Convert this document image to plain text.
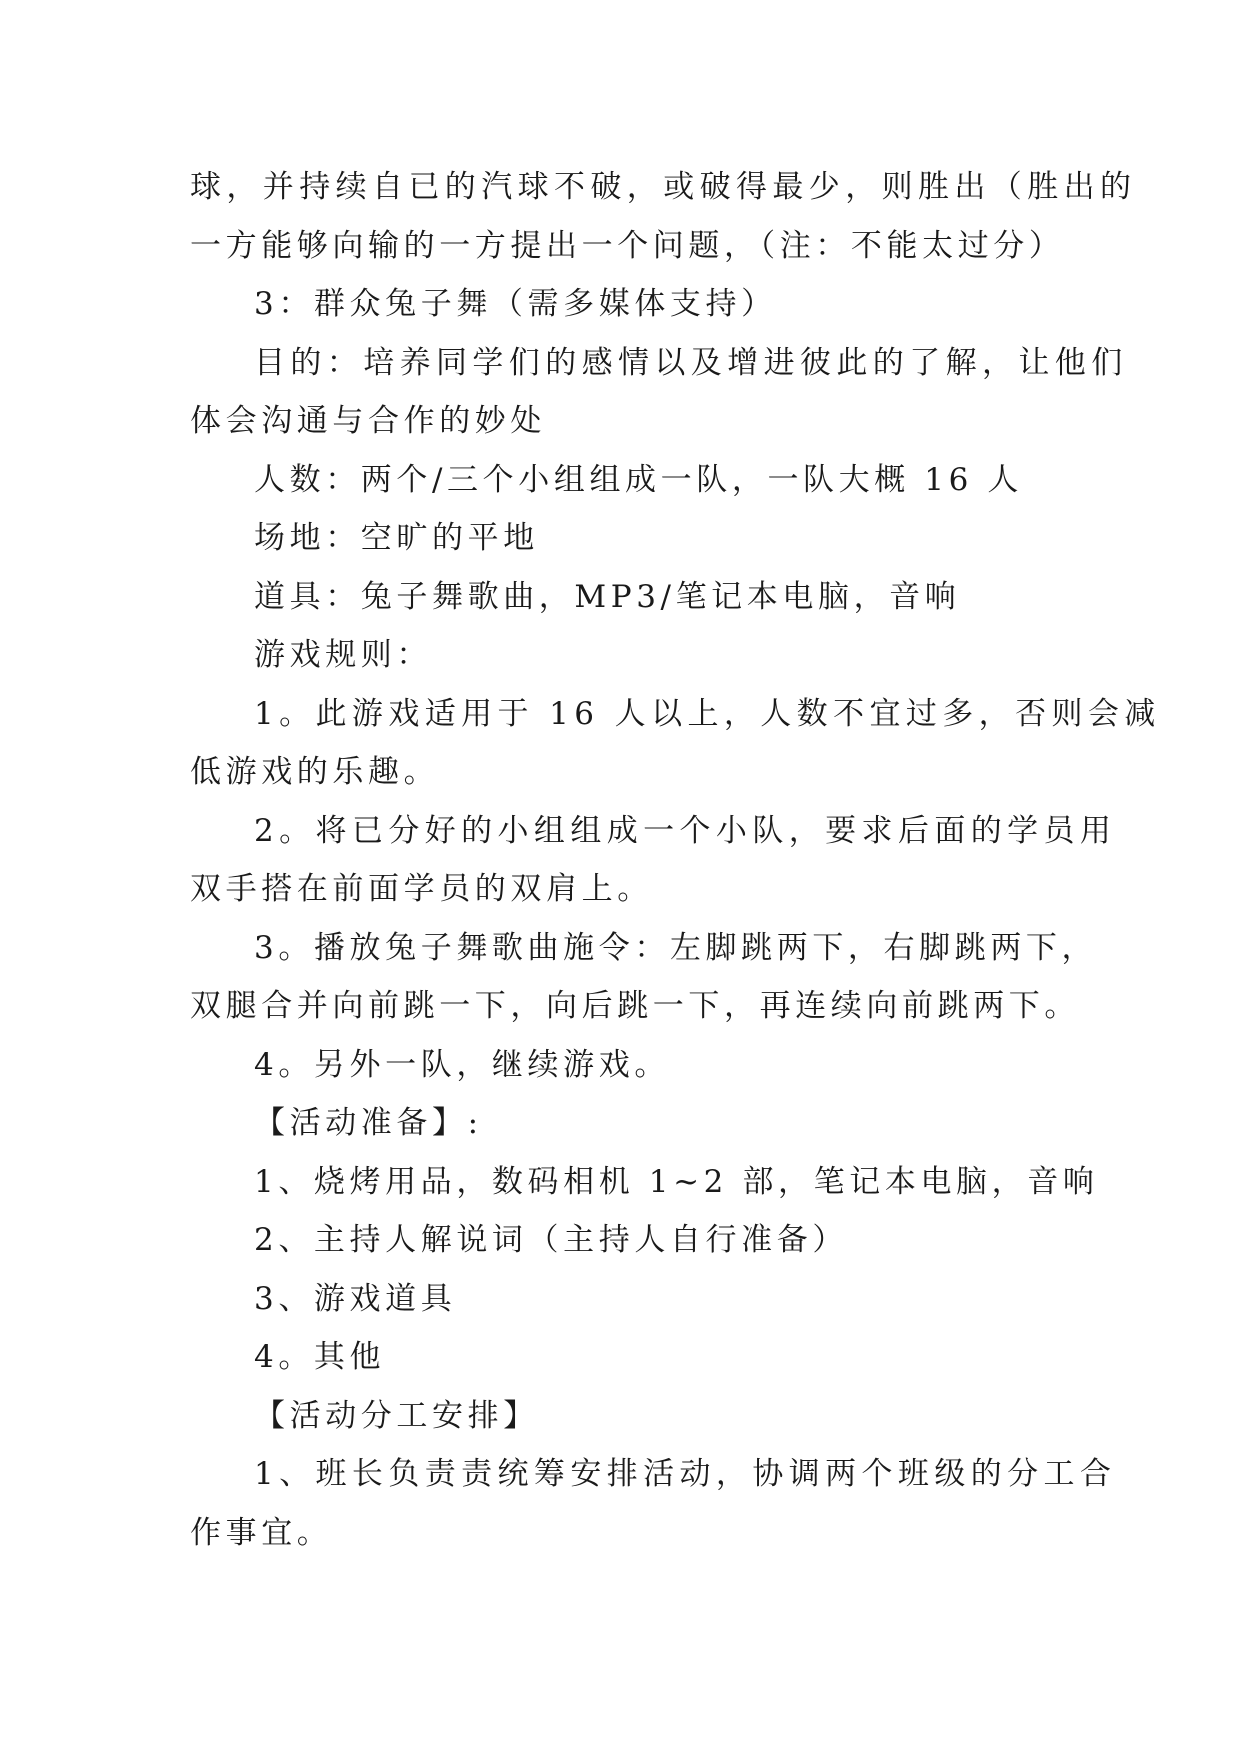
球，并持续自已的汽球不破，或破得最少，则胜出（胜出的
一方能够向输的一方提出一个问题，（注：不能太过分）
3：群众兔子舞（需多媒体支持）
目的：培养同学们的感情以及增进彼此的了解，让他们
体会沟通与合作的妙处
人数：两个/三个小组组成一队，一队大概 16 人
场地：空旷的平地
道具：兔子舞歌曲，MP3/笔记本电脑，音响
游戏规则：
1。此游戏适用于 16 人以上，人数不宜过多，否则会减
低游戏的乐趣。
2。将已分好的小组组成一个小队，要求后面的学员用
双手搭在前面学员的双肩上。
3。播放兔子舞歌曲施令：左脚跳两下，右脚跳两下，
双腿合并向前跳一下，向后跳一下，再连续向前跳两下。
4。另外一队，继续游戏。
【活动准备】:
1、烧烤用品，数码相机 1~2 部，笔记本电脑，音响
2、主持人解说词（主持人自行准备）
3、游戏道具
4。其他
【活动分工安排】
1、班长负责责统筹安排活动，协调两个班级的分工合
作事宜。
